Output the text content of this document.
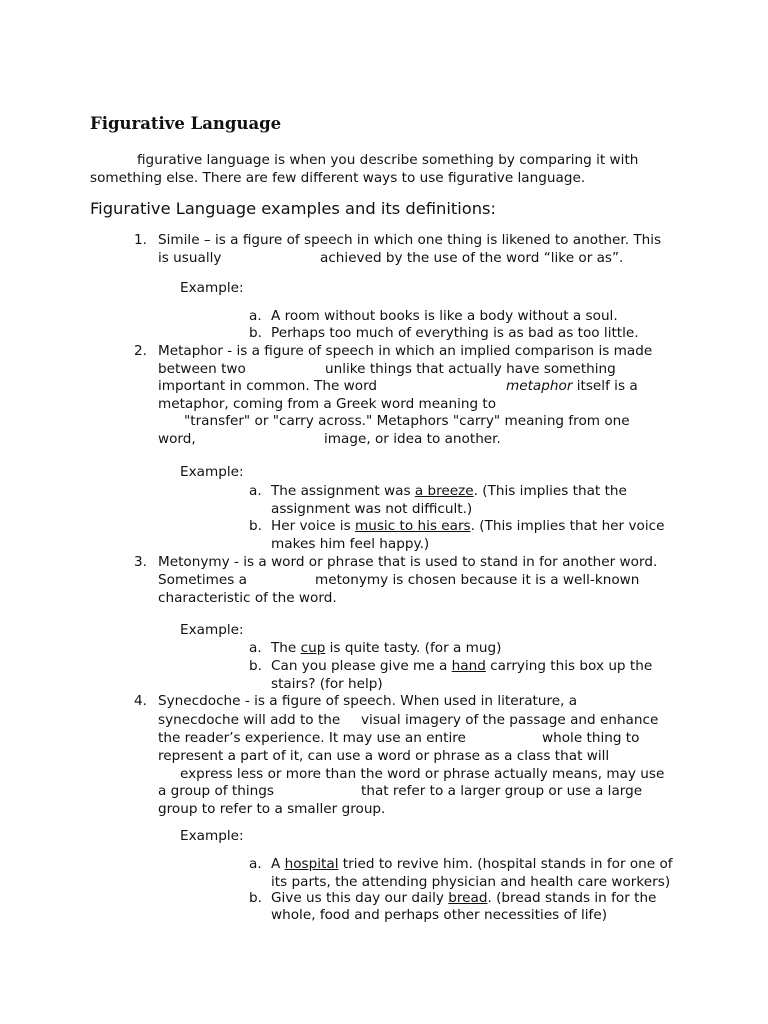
Figurative Language
figurative language is when you describe something by comparing it with
something else. There are few different ways to use figurative language.
Figurative Language examples and its definitions:
1. Simile – is a figure of speech in which one thing is likened to another. This
is usually	achieved by the use of the word “like or as”.
Example:
a. A room without books is like a body without a soul.
b. Perhaps too much of everything is as bad as too little.
2. Metaphor - is a figure of speech in which an implied comparison is made
between two	unlike things that actually have something
important in common. The word	metaphor itself is a
metaphor, coming from a Greek word meaning to
"transfer" or "carry across." Metaphors "carry" meaning from one
word,	image, or idea to another.
Example:
a. The assignment was a breeze. (This implies that the
assignment was not difficult.)
b. Her voice is music to his ears. (This implies that her voice
makes him feel happy.)
3. Metonymy - is a word or phrase that is used to stand in for another word.
Sometimes a	metonymy is chosen because it is a well-known
characteristic of the word.
Example:
a. The cup is quite tasty. (for a mug)
b. Can you please give me a hand carrying this box up the
stairs? (for help)
4. Synecdoche - is a figure of speech. When used in literature, a
synecdoche will add to the visual imagery of the passage and enhance
the reader’s experience. It may use an entire	whole thing to
represent a part of it, can use a word or phrase as a class that will
express less or more than the word or phrase actually means, may use
a group of things	that refer to a larger group or use a large
group to refer to a smaller group.
Example:
a. A hospital tried to revive him. (hospital stands in for one of
its parts, the attending physician and health care workers)
b. Give us this day our daily bread. (bread stands in for the
whole, food and perhaps other necessities of life)
